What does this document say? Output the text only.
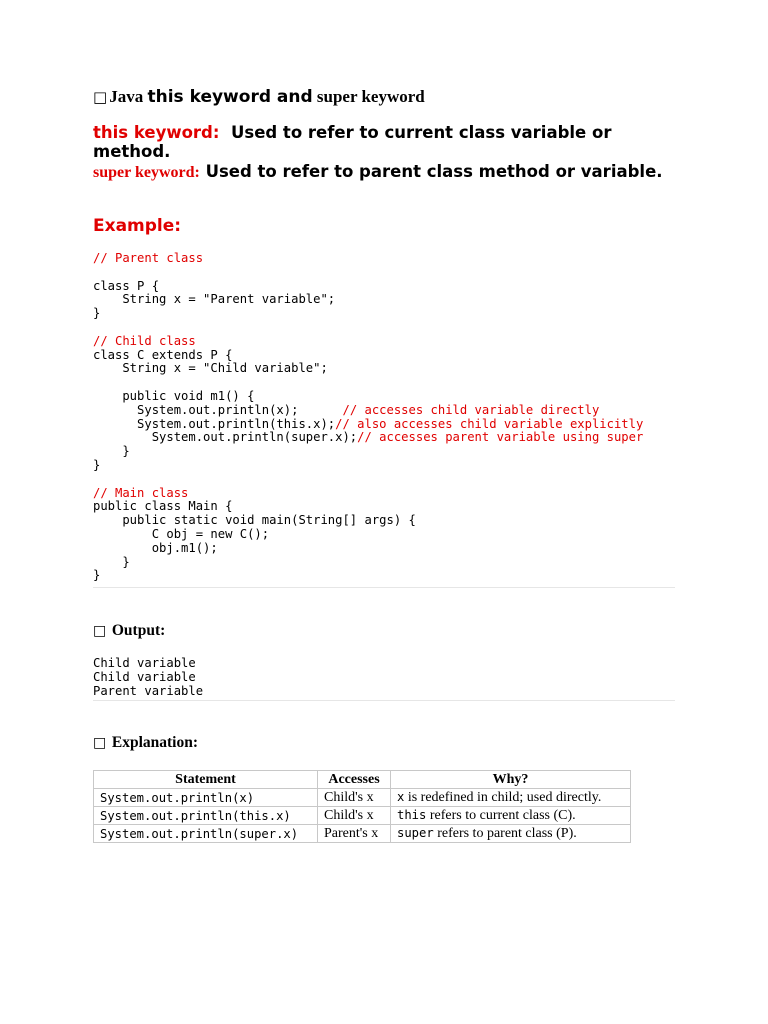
□ Java this keyword and super keyword
this keyword: Used to refer to current class variable or method.
super keyword: Used to refer to parent class method or variable.
Example:
// Parent class

class P {
String x = "Parent variable";
}

// Child class
class C extends P {
String x = "Child variable";

public void m1() {
System.out.println(x);      // accesses child variable directly
System.out.println(this.x);// also accesses child variable explicitly
System.out.println(super.x);// accesses parent variable using super
}
}

// Main class
public class Main {
public static void main(String[] args) {
C obj = new C();
obj.m1();
}
}

□ Output:
Child variable
Child variable
Parent variable

□ Explanation:
Statement	Accesses	Why?
System.out.println(x)	Child's x	x is redefined in child; used directly.
System.out.println(this.x)	Child's x	this refers to current class (C).
System.out.println(super.x)	Parent's x	super refers to parent class (P).
